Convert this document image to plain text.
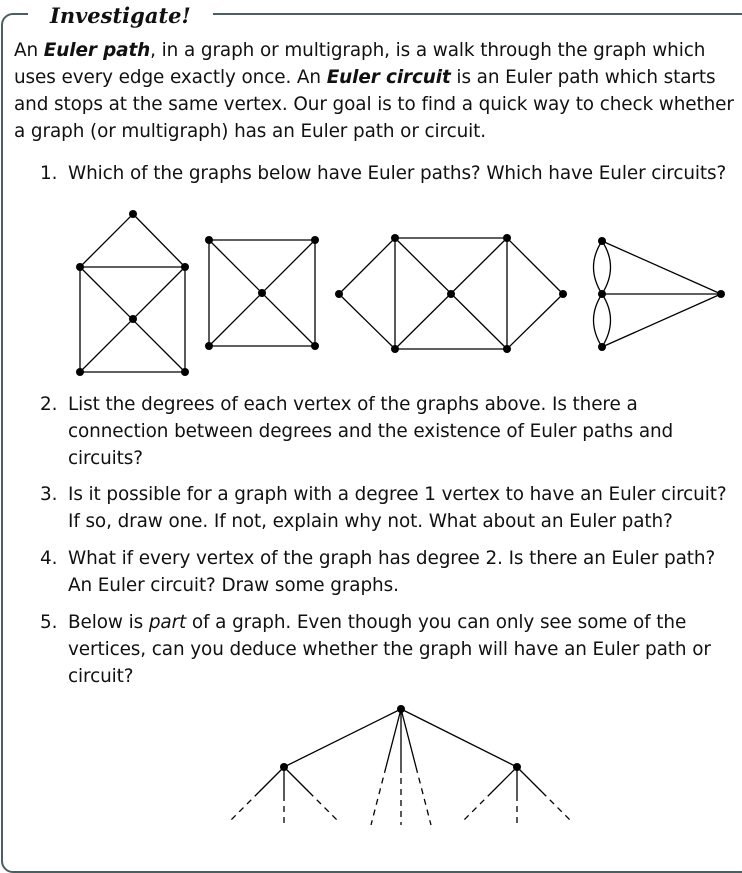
Investigate!

An Euler path, in a graph or multigraph, is a walk through the graph which uses every edge exactly once. An Euler circuit is an Euler path which starts and stops at the same vertex. Our goal is to find a quick way to check whether a graph (or multigraph) has an Euler path or circuit.

1. Which of the graphs below have Euler paths? Which have Euler circuits?

2. List the degrees of each vertex of the graphs above. Is there a connection between degrees and the existence of Euler paths and circuits?

3. Is it possible for a graph with a degree 1 vertex to have an Euler circuit? If so, draw one. If not, explain why not. What about an Euler path?

4. What if every vertex of the graph has degree 2. Is there an Euler path? An Euler circuit? Draw some graphs.

5. Below is part of a graph. Even though you can only see some of the vertices, can you deduce whether the graph will have an Euler path or circuit?
